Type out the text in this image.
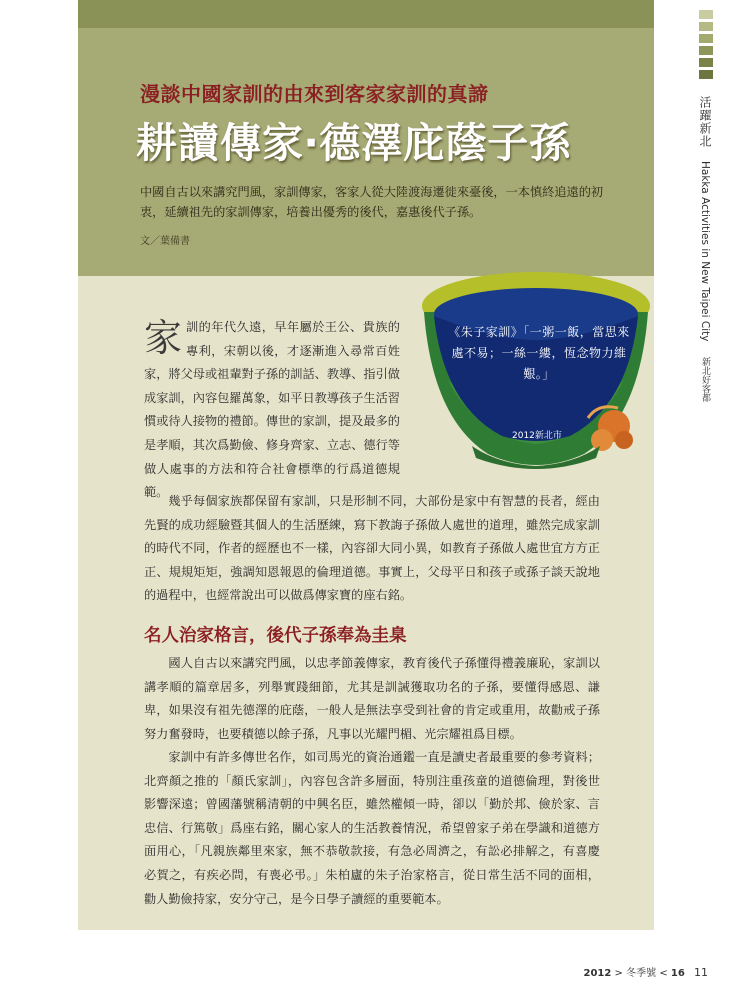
漫談中國家訓的由來到客家家訓的真諦
耕讀傳家‧德澤庇蔭子孫
中國自古以來講究門風，家訓傳家，客家人從大陸渡海遷徙來臺後，一本慎終追遠的初衷，延續祖先的家訓傳家，培養出優秀的後代，嘉惠後代子孫。
文／葉備書
《朱子家訓》「一粥一飯，當思來處不易；一絲一縷，恆念物力維艱。」
2012新北市
家 訓的年代久遠，早年屬於王公、貴族的專利，宋朝以後，才逐漸進入尋常百姓家，將父母或祖輩對子孫的訓話、教導、指引做成家訓，內容包羅萬象，如平日教導孩子生活習慣或待人接物的禮節。傳世的家訓，提及最多的是孝順，其次爲勤儉、修身齊家、立志、德行等做人處事的方法和符合社會標準的行爲道德規範。

幾乎每個家族都保留有家訓，只是形制不同，大部份是家中有智慧的長者，經由先賢的成功經驗暨其個人的生活歷練，寫下教誨子孫做人處世的道理，雖然完成家訓的時代不同，作者的經歷也不一樣，內容卻大同小異，如教育子孫做人處世宜方方正正、規規矩矩，強調知恩報恩的倫理道德。事實上，父母平日和孩子或孫子談天說地的過程中，也經常說出可以做爲傳家寶的座右銘。

名人治家格言，後代子孫奉為圭臬

國人自古以來講究門風，以忠孝節義傳家，教育後代子孫懂得禮義廉恥，家訓以講孝順的篇章居多，列舉實踐細節，尤其是訓誡獲取功名的子孫，要懂得感恩、謙卑，如果沒有祖先德澤的庇蔭，一般人是無法享受到社會的肯定或重用，故勸戒子孫努力奮發時，也要積德以餘子孫，凡事以光耀門楣、光宗耀祖爲目標。

家訓中有許多傳世名作，如司馬光的資治通鑑一直是讀史者最重要的參考資料；北齊顏之推的「顏氏家訓」，內容包含許多層面，特別注重孩童的道德倫理，對後世影響深遠；曾國藩號稱清朝的中興名臣，雖然權傾一時，卻以「勤於邦、儉於家、言忠信、行篤敬」爲座右銘，關心家人的生活教養情況，希望曾家子弟在學識和道德方面用心，「凡親族鄰里來家，無不恭敬款接，有急必周濟之，有訟必排解之，有喜慶必賀之，有疾必問，有喪必弔。」朱柏廬的朱子治家格言，從日常生活不同的面相，勸人勤儉持家，安分守己，是今日學子讀經的重要範本。

活躍新北 Hakka Activities in New Taipei City 新北好客都
2012 > 冬季號 < 16 11
